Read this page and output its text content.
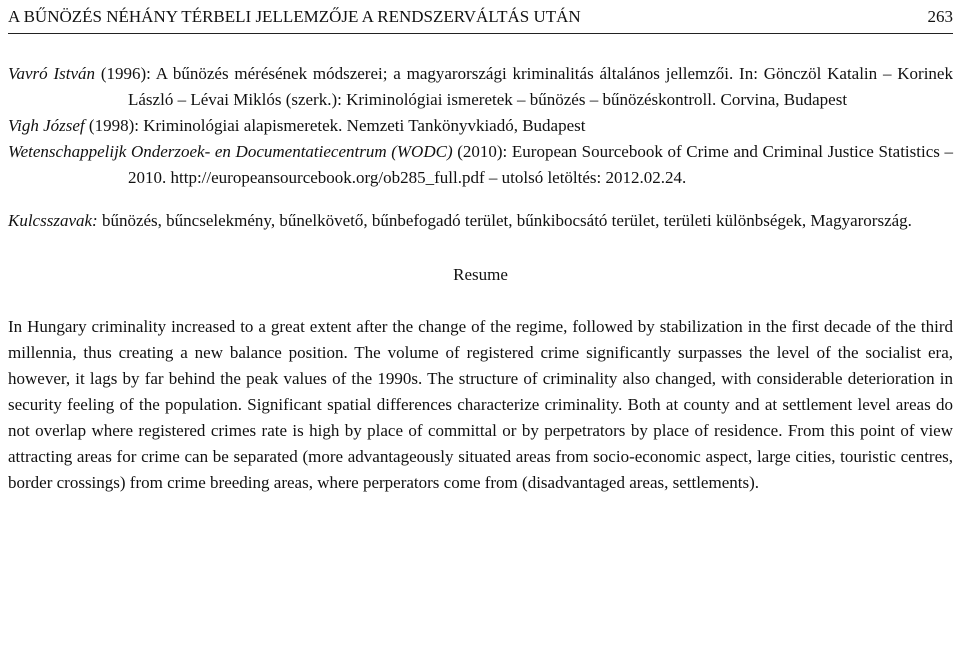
A BŰNÖZÉS NÉHÁNY TÉRBELI JELLEMZŐJE A RENDSZERVÁLTÁS UTÁN	263
Vavró István (1996): A bűnözés mérésének módszerei; a magyarországi kriminalitás általános jellemzői. In: Gönczöl Katalin – Korinek László – Lévai Miklós (szerk.): Kriminológiai ismeretek – bűnözés – bűnözéskontroll. Corvina, Budapest
Vigh József (1998): Kriminológiai alapismeretek. Nemzeti Tankönyvkiadó, Budapest
Wetenschappelijk Onderzoek- en Documentatiecentrum (WODC) (2010): European Sourcebook of Crime and Criminal Justice Statistics – 2010. http://europeansourcebook.org/ob285_full.pdf – utolsó letöltés: 2012.02.24.
Kulcsszavak: bűnözés, bűncselekmény, bűnelkövető, bűnbefogadó terület, bűnkibocsátó terület, területi különbségek, Magyarország.
Resume
In Hungary criminality increased to a great extent after the change of the regime, followed by stabilization in the first decade of the third millennia, thus creating a new balance position. The volume of registered crime significantly surpasses the level of the socialist era, however, it lags by far behind the peak values of the 1990s. The structure of criminality also changed, with considerable deterioration in security feeling of the population. Significant spatial differences characterize criminality. Both at county and at settlement level areas do not overlap where registered crimes rate is high by place of committal or by perpetrators by place of residence. From this point of view attracting areas for crime can be separated (more advantageously situated areas from socio-economic aspect, large cities, touristic centres, border crossings) from crime breeding areas, where perperators come from (disadvantaged areas, settlements).
